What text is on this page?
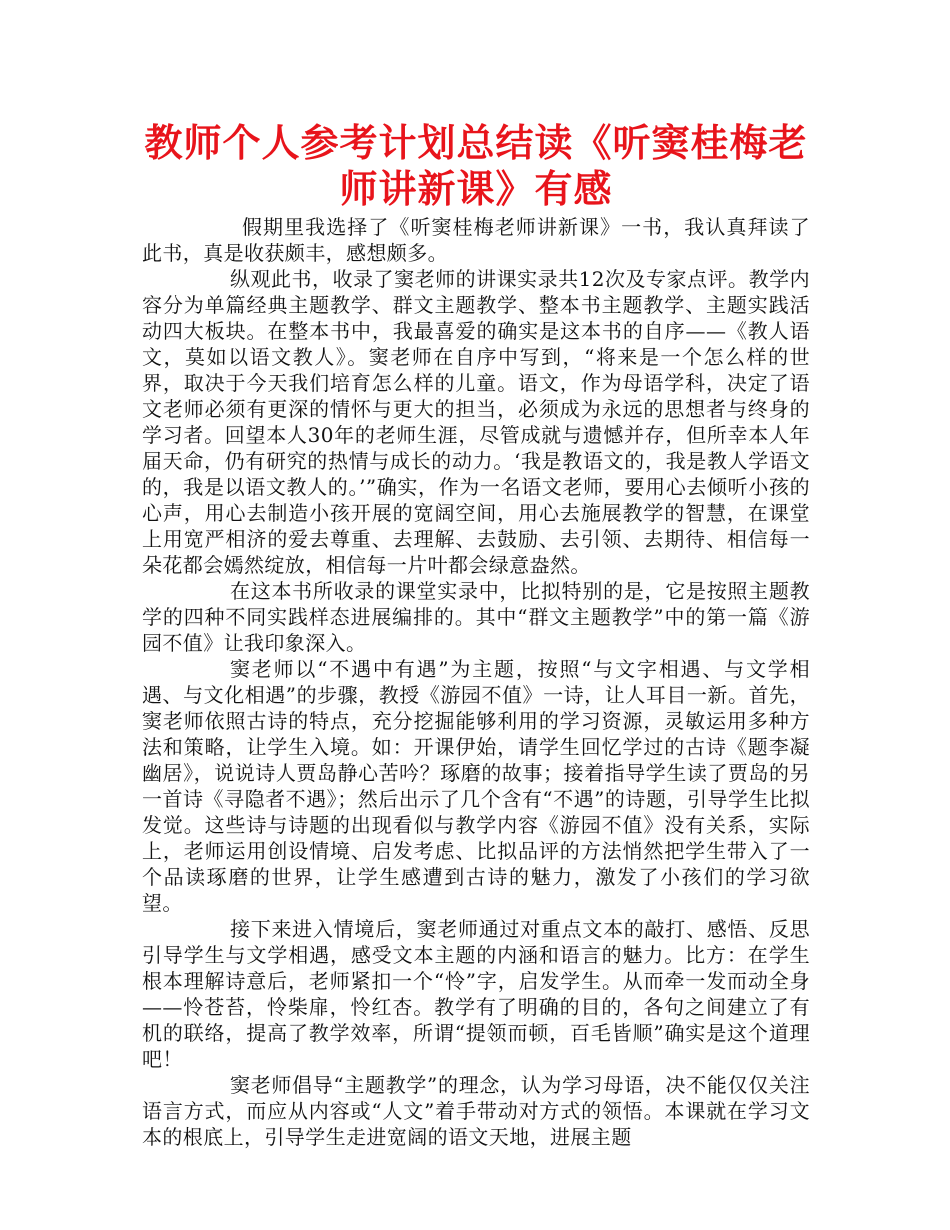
教师个人参考计划总结读《听窦桂梅老师讲新课》有感

假期里我选择了《听窦桂梅老师讲新课》一书，我认真拜读了此书，真是收获颇丰，感想颇多。

纵观此书，收录了窦老师的讲课实录共12次及专家点评。教学内容分为单篇经典主题教学、群文主题教学、整本书主题教学、主题实践活动四大板块。在整本书中，我最喜爱的确实是这本书的自序——《教人语文，莫如以语文教人》。窦老师在自序中写到，“将来是一个怎么样的世界，取决于今天我们培育怎么样的儿童。语文，作为母语学科，决定了语文老师必须有更深的情怀与更大的担当，必须成为永远的思想者与终身的学习者。回望本人30年的老师生涯，尽管成就与遗憾并存，但所幸本人年届天命，仍有研究的热情与成长的动力。‘我是教语文的，我是教人学语文的，我是以语文教人的。’”确实，作为一名语文老师，要用心去倾听小孩的心声，用心去制造小孩开展的宽阔空间，用心去施展教学的智慧，在课堂上用宽严相济的爱去尊重、去理解、去鼓励、去引领、去期待、相信每一朵花都会嫣然绽放，相信每一片叶都会绿意盎然。

在这本书所收录的课堂实录中，比拟特别的是，它是按照主题教学的四种不同实践样态进展编排的。其中“群文主题教学”中的第一篇《游园不值》让我印象深入。

窦老师以“不遇中有遇”为主题，按照“与文字相遇、与文学相遇、与文化相遇”的步骤，教授《游园不值》一诗，让人耳目一新。首先，窦老师依照古诗的特点，充分挖掘能够利用的学习资源，灵敏运用多种方法和策略，让学生入境。如：开课伊始，请学生回忆学过的古诗《题李凝幽居》，说说诗人贾岛静心苦吟？琢磨的故事；接着指导学生读了贾岛的另一首诗《寻隐者不遇》；然后出示了几个含有“不遇”的诗题，引导学生比拟发觉。这些诗与诗题的出现看似与教学内容《游园不值》没有关系，实际上，老师运用创设情境、启发考虑、比拟品评的方法悄然把学生带入了一个品读琢磨的世界，让学生感遭到古诗的魅力，激发了小孩们的学习欲望。

接下来进入情境后，窦老师通过对重点文本的敲打、感悟、反思引导学生与文学相遇，感受文本主题的内涵和语言的魅力。比方：在学生根本理解诗意后，老师紧扣一个“怜”字，启发学生。从而牵一发而动全身——怜苍苔，怜柴扉，怜红杏。教学有了明确的目的，各句之间建立了有机的联络，提高了教学效率，所谓“提领而顿，百毛皆顺”确实是这个道理吧！

窦老师倡导“主题教学”的理念，认为学习母语，决不能仅仅关注语言方式，而应从内容或“人文”着手带动对方式的领悟。本课就在学习文本的根底上，引导学生走进宽阔的语文天地，进展主题
